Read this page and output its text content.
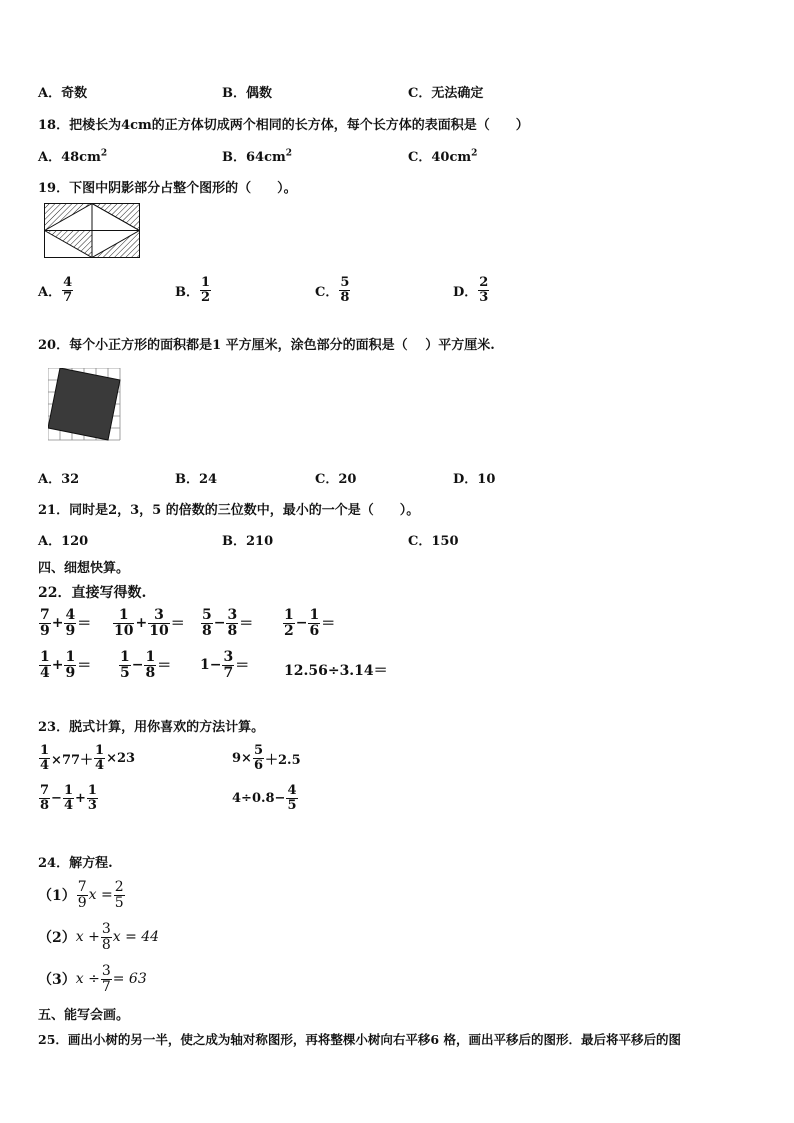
A．奇数	B．偶数	C．无法确定
18．把棱长为4cm的正方体切成两个相同的长方体，每个长方体的表面积是（　　）
A．$48cm^2$	B．$64cm^2$	C．$40cm^2$
19．下图中阴影部分占整个图形的（　　）。
A． $\frac{4}{7}$	B． $\frac{1}{2}$	C． $\frac{5}{8}$	D． $\frac{2}{3}$
20．每个小正方形的面积都是1 平方厘米，涂色部分的面积是（　 ）平方厘米.
A．32	B．24	C．20	D．10
21．同时是2，3，5 的倍数的三位数中，最小的一个是（　　）。
A．120	B．210	C．150
四、细想快算。
22．直接写得数.
$\frac{7}{9} + \frac{4}{9} = \frac{1}{10} + \frac{3}{10} = \frac{5}{8} - \frac{3}{8} = \frac{1}{2} - \frac{1}{6}$ ＝
$\frac{1}{4} + \frac{1}{9} = \frac{1}{5} - \frac{1}{8} = 1- \frac{3}{7} = 12.56\div 3.14=$
23．脱式计算，用你喜欢的方法计算。
$\frac{1}{4} \times 77+ \frac{1}{4} \times 23$	$9\times \frac{5}{6} +2.5$
$\frac{7}{8} - \frac{1}{4} + \frac{1}{3}$	$4\div 0.8- \frac{4}{5}$
24．解方程.
$(1) \frac{7}{9}$ $x = \frac{2}{5}$
（2） $x + \frac{3}{8}$ x = 44
（3） $x \div \frac{3}{7} = 63$
五、能写会画。
25．画出小树的另一半，使之成为轴对称图形，再将整棵小树向右平移6 格，画出平移后的图形．最后将平移后的图
